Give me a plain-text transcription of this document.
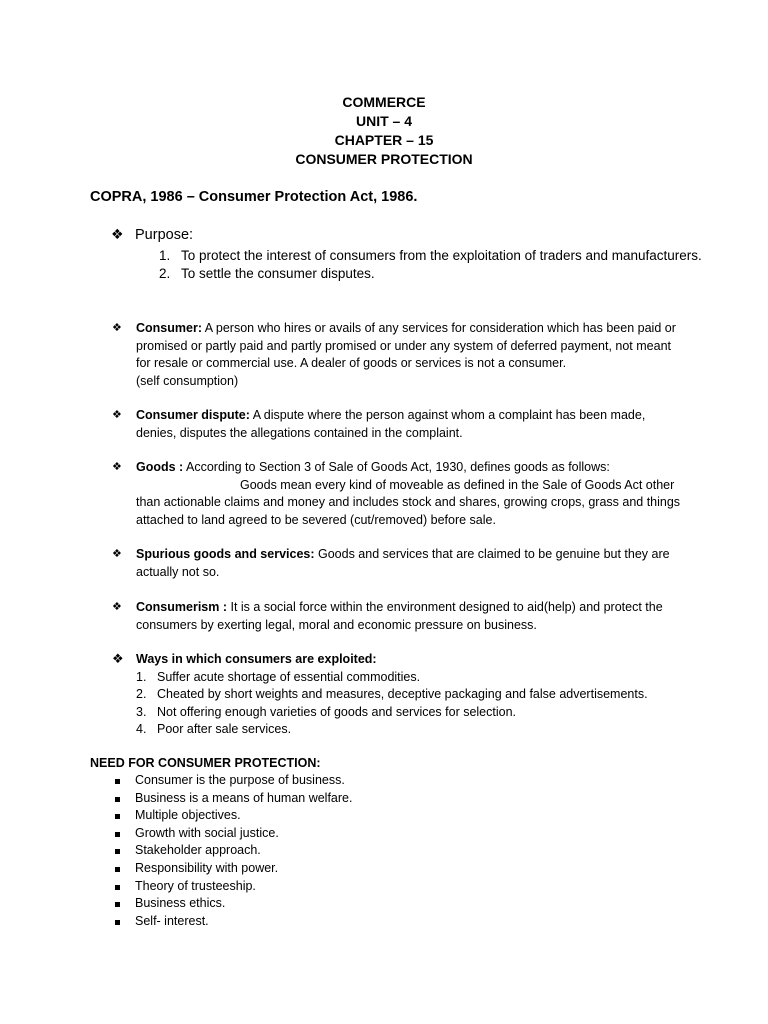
COMMERCE
UNIT – 4
CHAPTER – 15
CONSUMER PROTECTION
COPRA, 1986 – Consumer Protection Act, 1986.
❖ Purpose:
1. To protect the interest of consumers from the exploitation of traders and manufacturers.
2. To settle the consumer disputes.
❖	Consumer: A person who hires or avails of any services for consideration which has been paid or promised or partly paid and partly promised or under any system of deferred payment, not meant for resale or commercial use. A dealer of goods or services is not a consumer.
(self consumption)
❖	Consumer dispute: A dispute where the person against whom a complaint has been made, denies, disputes the allegations contained in the complaint.
❖	Goods : According to Section 3 of Sale of Goods Act, 1930, defines goods as follows:
Goods mean every kind of moveable as defined in the Sale of Goods Act other
than actionable claims and money and includes stock and shares, growing crops, grass and things attached to land agreed to be severed (cut/removed) before sale.
❖	Spurious goods and services: Goods and services that are claimed to be genuine but they are actually not so.
❖	Consumerism : It is a social force within the environment designed to aid(help) and protect the consumers by exerting legal, moral and economic pressure on business.
❖ Ways in which consumers are exploited:
1. Suffer acute shortage of essential commodities.
2. Cheated by short weights and measures, deceptive packaging and false advertisements.
3. Not offering enough varieties of goods and services for selection.
4. Poor after sale services.
NEED FOR CONSUMER PROTECTION:
Consumer is the purpose of business.
Business is a means of human welfare.
Multiple objectives.
Growth with social justice.
Stakeholder approach.
Responsibility with power.
Theory of trusteeship.
Business ethics.
Self- interest.
